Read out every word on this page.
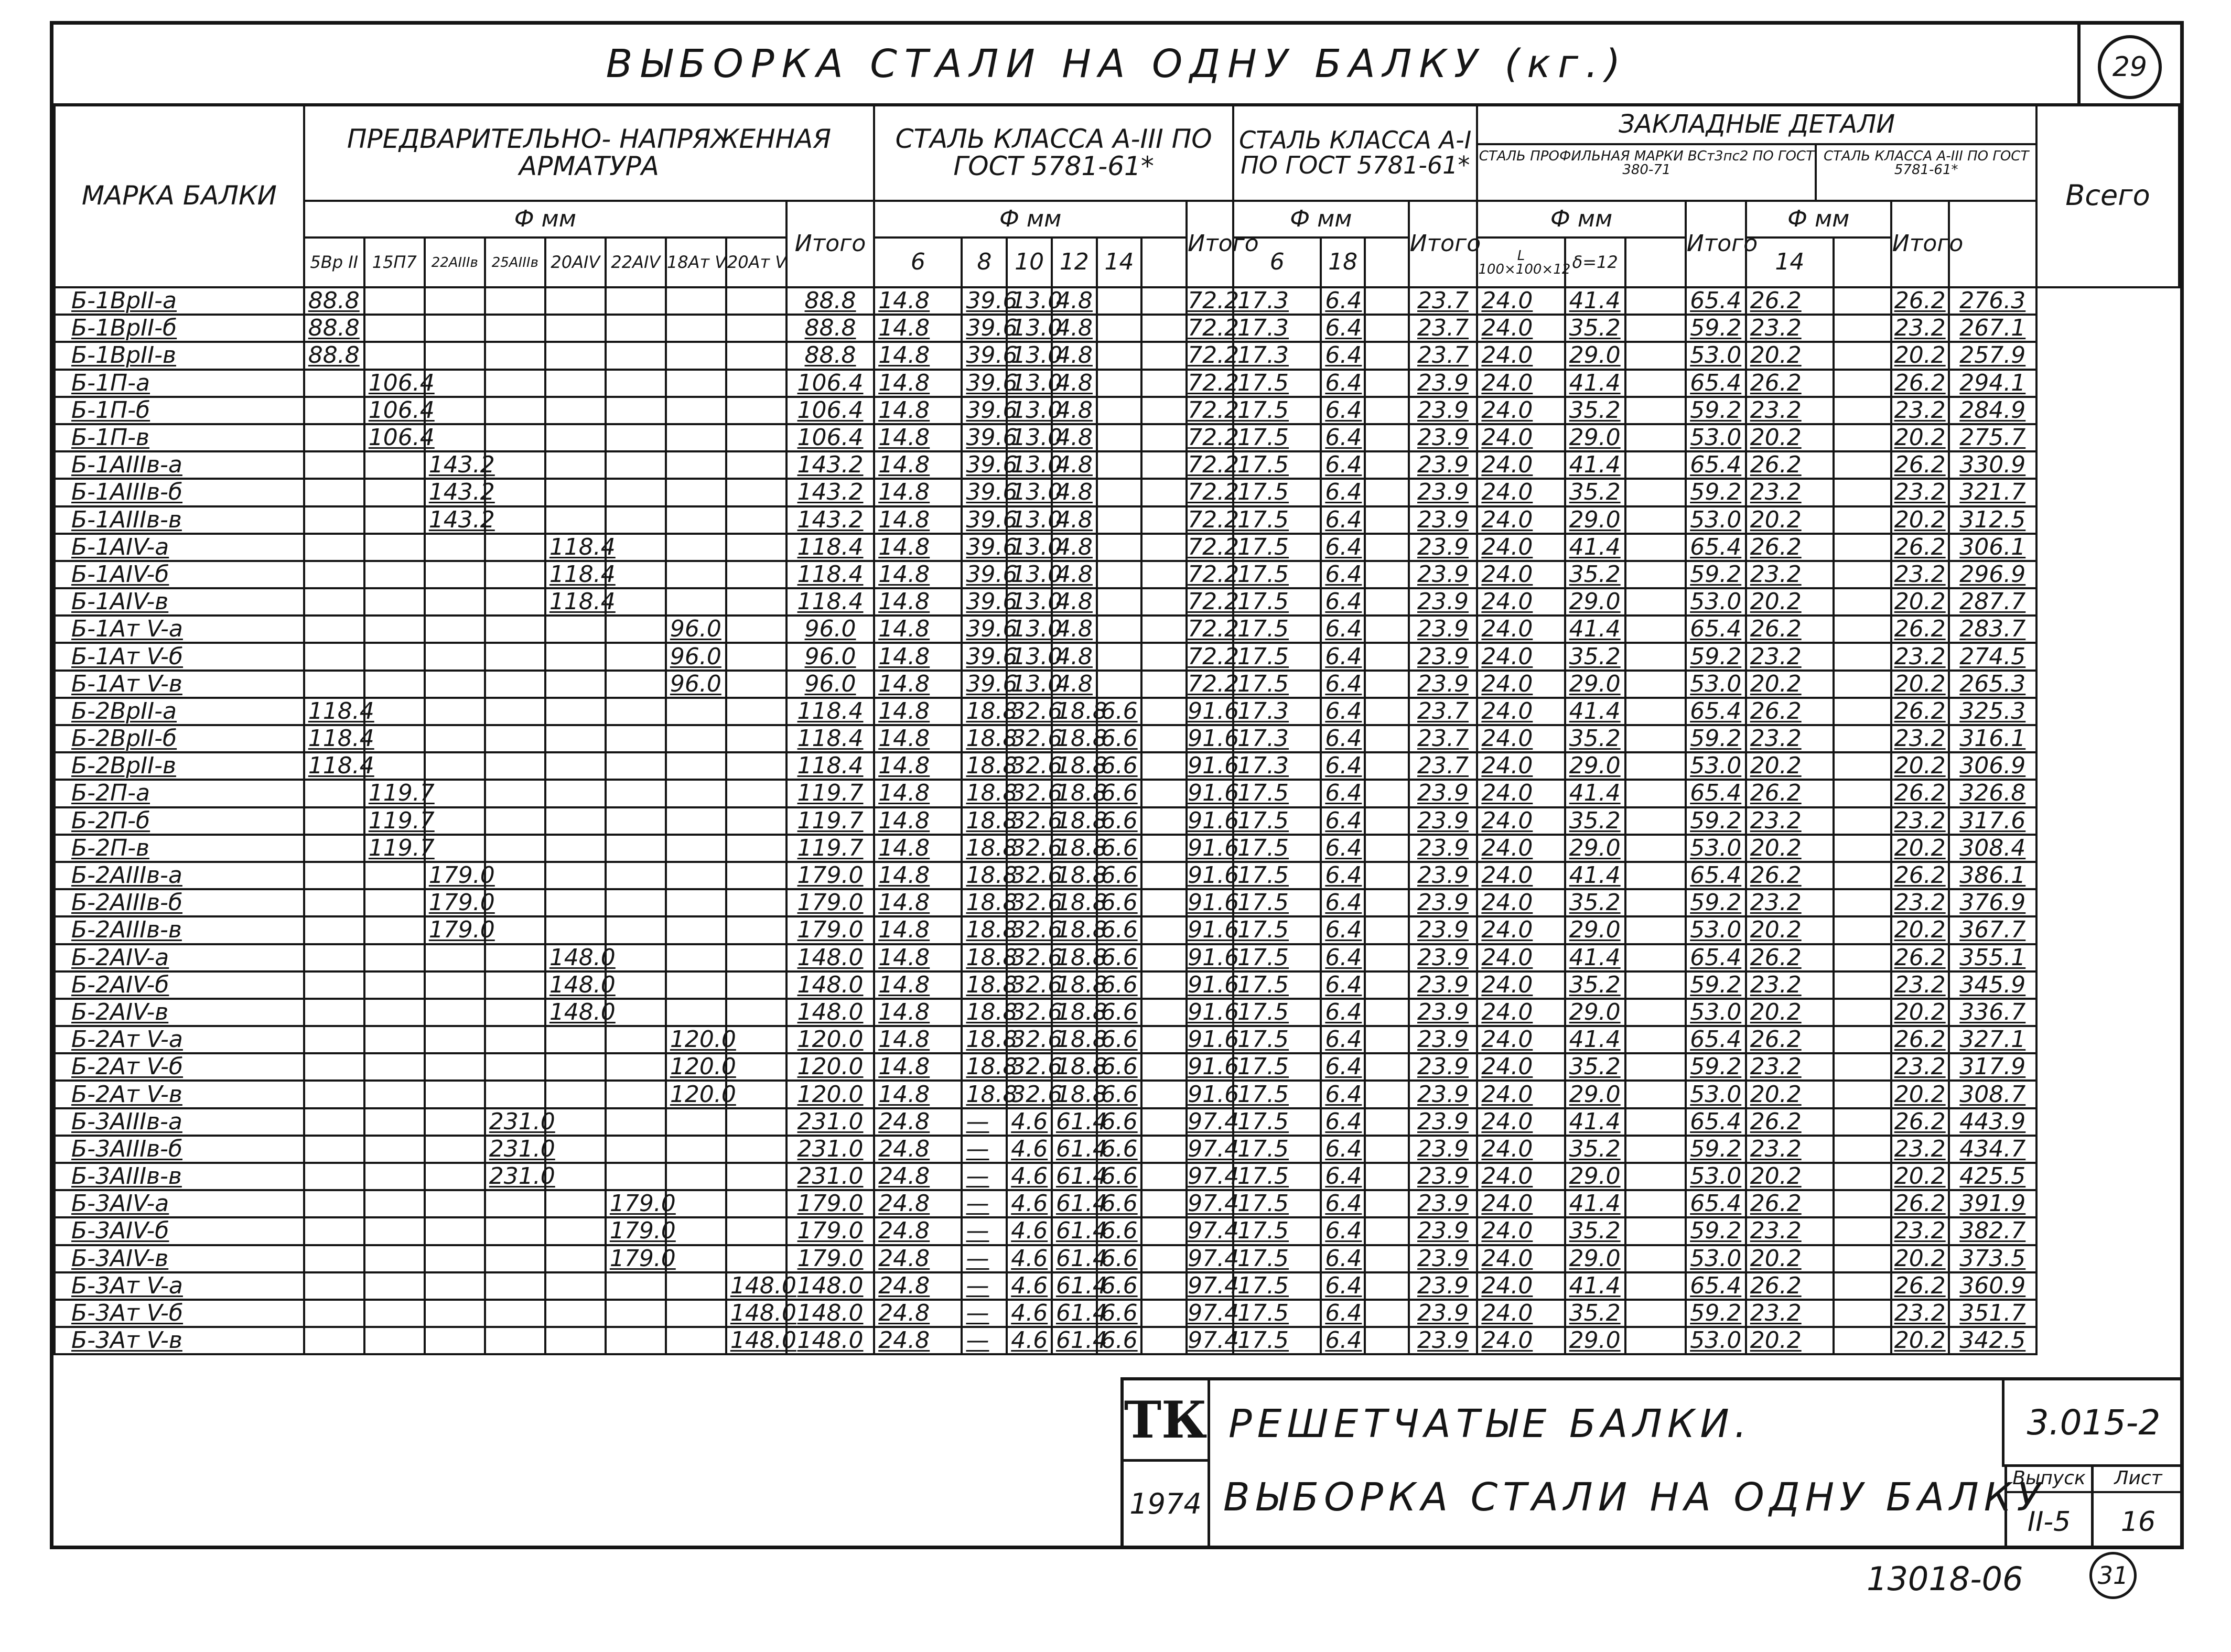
ВЫБОРКА СТАЛИ НА ОДНУ БАЛКУ (кг.)	29
МАРКА БАЛКИ	ПРЕДВАРИТЕЛЬНО- НАПРЯЖЕННАЯ АРМАТУРА									СТАЛЬ КЛАССА А-III ПО ГОСТ 5781-61*							СТАЛЬ КЛАССА А-I ПО ГОСТ 5781-61*				ЗАКЛАДНЫЕ ДЕТАЛИ
СТАЛЬ ПРОФИЛЬНАЯ МАРКИ ВСт3пс2 ПО ГОСТ 380-71
СТАЛЬ КЛАССА А-III ПО ГОСТ 5781-61*								Всего
	Ф мм								Итого	Ф мм						Итого	Ф мм			Итого	Ф мм			Итого	Ф мм		Итого		
	5Вр II	15П7	22АIIIв	25АIIIв	20АIV	22АIV	18Ат V	20Ат V		6	8	10	12	14			6	18			L 100×100×12	δ=12			14				
Б-1ВрII-а	88.8								88.8	14.8	39.6	13.0	4.8			72.2	17.3	6.4		23.7	24.0	41.4		65.4	26.2		26.2	276.3	
Б-1ВрII-б	88.8								88.8	14.8	39.6	13.0	4.8			72.2	17.3	6.4		23.7	24.0	35.2		59.2	23.2		23.2	267.1	
Б-1ВрII-в	88.8								88.8	14.8	39.6	13.0	4.8			72.2	17.3	6.4		23.7	24.0	29.0		53.0	20.2		20.2	257.9	
Б-1П-а		106.4							106.4	14.8	39.6	13.0	4.8			72.2	17.5	6.4		23.9	24.0	41.4		65.4	26.2		26.2	294.1	
Б-1П-б		106.4							106.4	14.8	39.6	13.0	4.8			72.2	17.5	6.4		23.9	24.0	35.2		59.2	23.2		23.2	284.9	
Б-1П-в		106.4							106.4	14.8	39.6	13.0	4.8			72.2	17.5	6.4		23.9	24.0	29.0		53.0	20.2		20.2	275.7	
Б-1АIIIв-а			143.2						143.2	14.8	39.6	13.0	4.8			72.2	17.5	6.4		23.9	24.0	41.4		65.4	26.2		26.2	330.9	
Б-1АIIIв-б			143.2						143.2	14.8	39.6	13.0	4.8			72.2	17.5	6.4		23.9	24.0	35.2		59.2	23.2		23.2	321.7	
Б-1АIIIв-в			143.2						143.2	14.8	39.6	13.0	4.8			72.2	17.5	6.4		23.9	24.0	29.0		53.0	20.2		20.2	312.5	
Б-1АIV-а					118.4				118.4	14.8	39.6	13.0	4.8			72.2	17.5	6.4		23.9	24.0	41.4		65.4	26.2		26.2	306.1	
Б-1АIV-б					118.4				118.4	14.8	39.6	13.0	4.8			72.2	17.5	6.4		23.9	24.0	35.2		59.2	23.2		23.2	296.9	
Б-1АIV-в					118.4				118.4	14.8	39.6	13.0	4.8			72.2	17.5	6.4		23.9	24.0	29.0		53.0	20.2		20.2	287.7	
Б-1Ат V-а							96.0		96.0	14.8	39.6	13.0	4.8			72.2	17.5	6.4		23.9	24.0	41.4		65.4	26.2		26.2	283.7	
Б-1Ат V-б							96.0		96.0	14.8	39.6	13.0	4.8			72.2	17.5	6.4		23.9	24.0	35.2		59.2	23.2		23.2	274.5	
Б-1Ат V-в							96.0		96.0	14.8	39.6	13.0	4.8			72.2	17.5	6.4		23.9	24.0	29.0		53.0	20.2		20.2	265.3	
Б-2ВрII-а	118.4								118.4	14.8	18.8	32.6	18.8	6.6		91.6	17.3	6.4		23.7	24.0	41.4		65.4	26.2		26.2	325.3	
Б-2ВрII-б	118.4								118.4	14.8	18.8	32.6	18.8	6.6		91.6	17.3	6.4		23.7	24.0	35.2		59.2	23.2		23.2	316.1	
Б-2ВрII-в	118.4								118.4	14.8	18.8	32.6	18.8	6.6		91.6	17.3	6.4		23.7	24.0	29.0		53.0	20.2		20.2	306.9	
Б-2П-а		119.7							119.7	14.8	18.8	32.6	18.8	6.6		91.6	17.5	6.4		23.9	24.0	41.4		65.4	26.2		26.2	326.8	
Б-2П-б		119.7							119.7	14.8	18.8	32.6	18.8	6.6		91.6	17.5	6.4		23.9	24.0	35.2		59.2	23.2		23.2	317.6	
Б-2П-в		119.7							119.7	14.8	18.8	32.6	18.8	6.6		91.6	17.5	6.4		23.9	24.0	29.0		53.0	20.2		20.2	308.4	
Б-2АIIIв-а			179.0						179.0	14.8	18.8	32.6	18.8	6.6		91.6	17.5	6.4		23.9	24.0	41.4		65.4	26.2		26.2	386.1	
Б-2АIIIв-б			179.0						179.0	14.8	18.8	32.6	18.8	6.6		91.6	17.5	6.4		23.9	24.0	35.2		59.2	23.2		23.2	376.9	
Б-2АIIIв-в			179.0						179.0	14.8	18.8	32.6	18.8	6.6		91.6	17.5	6.4		23.9	24.0	29.0		53.0	20.2		20.2	367.7	
Б-2АIV-а					148.0				148.0	14.8	18.8	32.6	18.8	6.6		91.6	17.5	6.4		23.9	24.0	41.4		65.4	26.2		26.2	355.1	
Б-2АIV-б					148.0				148.0	14.8	18.8	32.6	18.8	6.6		91.6	17.5	6.4		23.9	24.0	35.2		59.2	23.2		23.2	345.9	
Б-2АIV-в					148.0				148.0	14.8	18.8	32.6	18.8	6.6		91.6	17.5	6.4		23.9	24.0	29.0		53.0	20.2		20.2	336.7	
Б-2Ат V-а							120.0		120.0	14.8	18.8	32.6	18.8	6.6		91.6	17.5	6.4		23.9	24.0	41.4		65.4	26.2		26.2	327.1	
Б-2Ат V-б							120.0		120.0	14.8	18.8	32.6	18.8	6.6		91.6	17.5	6.4		23.9	24.0	35.2		59.2	23.2		23.2	317.9	
Б-2Ат V-в							120.0		120.0	14.8	18.8	32.6	18.8	6.6		91.6	17.5	6.4		23.9	24.0	29.0		53.0	20.2		20.2	308.7	
Б-3АIIIв-а				231.0					231.0	24.8	—	4.6	61.4	6.6		97.4	17.5	6.4		23.9	24.0	41.4		65.4	26.2		26.2	443.9	
Б-3АIIIв-б				231.0					231.0	24.8	—	4.6	61.4	6.6		97.4	17.5	6.4		23.9	24.0	35.2		59.2	23.2		23.2	434.7	
Б-3АIIIв-в				231.0					231.0	24.8	—	4.6	61.4	6.6		97.4	17.5	6.4		23.9	24.0	29.0		53.0	20.2		20.2	425.5	
Б-3АIV-а						179.0			179.0	24.8	—	4.6	61.4	6.6		97.4	17.5	6.4		23.9	24.0	41.4		65.4	26.2		26.2	391.9	
Б-3АIV-б						179.0			179.0	24.8	—	4.6	61.4	6.6		97.4	17.5	6.4		23.9	24.0	35.2		59.2	23.2		23.2	382.7	
Б-3АIV-в						179.0			179.0	24.8	—	4.6	61.4	6.6		97.4	17.5	6.4		23.9	24.0	29.0		53.0	20.2		20.2	373.5	
Б-3Ат V-а								148.0	148.0	24.8	—	4.6	61.4	6.6		97.4	17.5	6.4		23.9	24.0	41.4		65.4	26.2		26.2	360.9	
Б-3Ат V-б								148.0	148.0	24.8	—	4.6	61.4	6.6		97.4	17.5	6.4		23.9	24.0	35.2		59.2	23.2		23.2	351.7	
Б-3Ат V-в								148.0	148.0	24.8	—	4.6	61.4	6.6		97.4	17.5	6.4		23.9	24.0	29.0		53.0	20.2		20.2	342.5	
ТК
1974
РЕШЕТЧАТЫЕ БАЛКИ.
ВЫБОРКА СТАЛИ НА ОДНУ БАЛКУ
3.015-2
Выпуск
II-5
Лист
16
13018-06	31
